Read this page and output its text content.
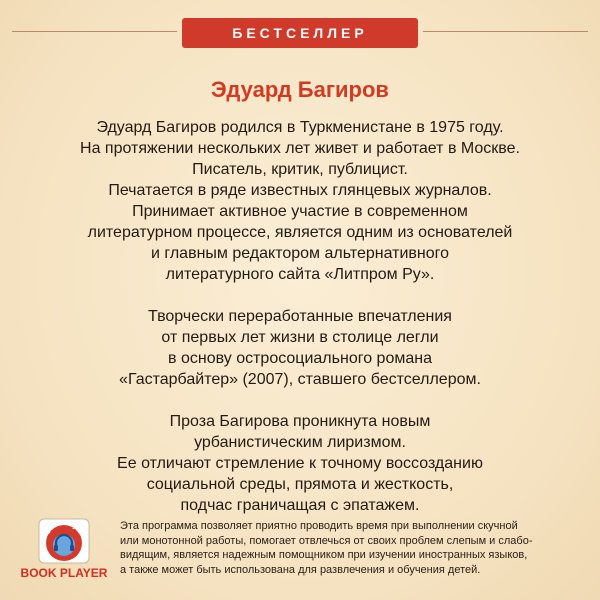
БЕСТСЕЛЛЕР
Эдуард Багиров

Эдуард Багиров родился в Туркменистане в 1975 году.
На протяжении нескольких лет живет и работает в Москве.
Писатель, критик, публицист.
Печатается в ряде известных глянцевых журналов.
Принимает активное участие в современном
литературном процессе, является одним из основателей
и главным редактором альтернативного
литературного сайта «Литпром Ру».

Творчески переработанные впечатления
от первых лет жизни в столице легли
в основу остросоциального романа
«Гастарбайтер» (2007), ставшего бестселлером.

Проза Багирова проникнута новым
урбанистическим лиризмом.
Ее отличают стремление к точному воссозданию
социальной среды, прямота и жесткость,
подчас граничащая с эпатажем.

Book Player
BOOK PLAYER
Эта программа позволяет приятно проводить время при выполнении скучной
или монотонной работы, помогает отвлечься от своих проблем слепым и слабо-
видящим, является надежным помощником при изучении иностранных языков,
а также может быть использована для развлечения и обучения детей.
